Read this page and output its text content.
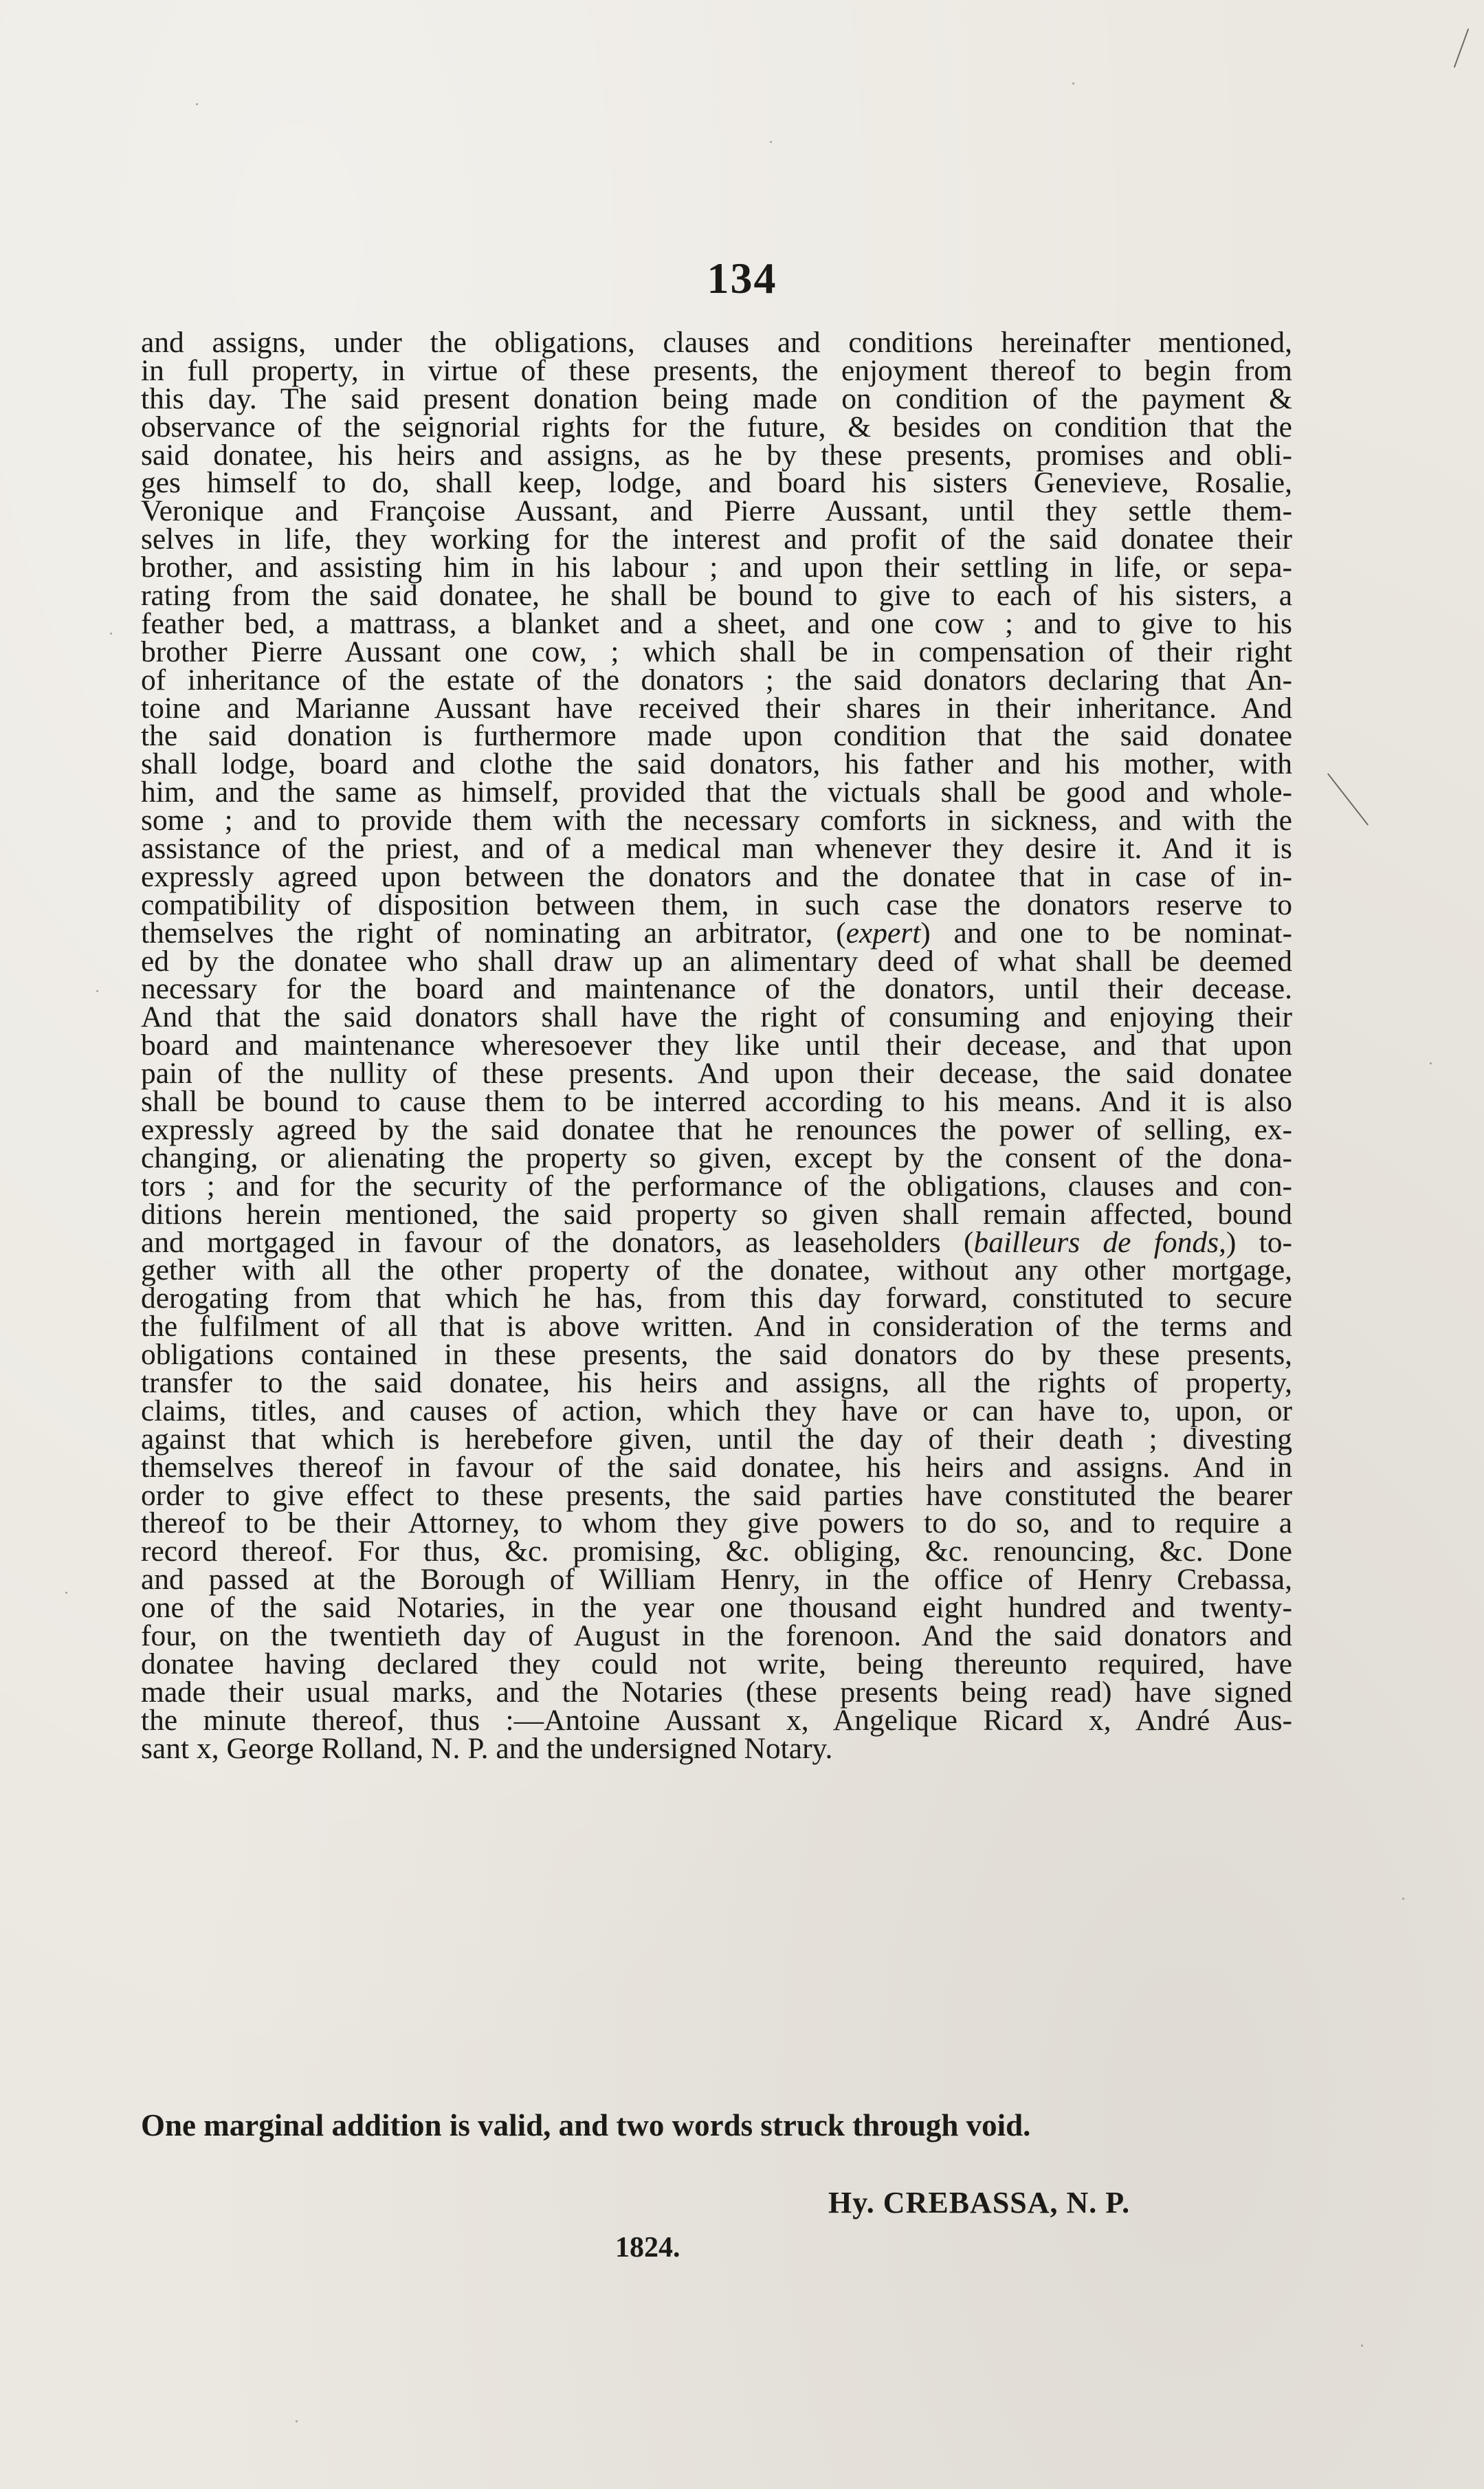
134
and assigns, under the obligations, clauses and conditions hereinafter mentioned,
in full property, in virtue of these presents, the enjoyment thereof to begin from
this day. The said present donation being made on condition of the payment &
observance of the seignorial rights for the future, & besides on condition that the
said donatee, his heirs and assigns, as he by these presents, promises and obli-
ges himself to do, shall keep, lodge, and board his sisters Genevieve, Rosalie,
Veronique and Françoise Aussant, and Pierre Aussant, until they settle them-
selves in life, they working for the interest and profit of the said donatee their
brother, and assisting him in his labour ; and upon their settling in life, or sepa-
rating from the said donatee, he shall be bound to give to each of his sisters, a
feather bed, a mattrass, a blanket and a sheet, and one cow ; and to give to his
brother Pierre Aussant one cow, ; which shall be in compensation of their right
of inheritance of the estate of the donators ; the said donators declaring that An-
toine and Marianne Aussant have received their shares in their inheritance. And
the said donation is furthermore made upon condition that the said donatee
shall lodge, board and clothe the said donators, his father and his mother, with
him, and the same as himself, provided that the victuals shall be good and whole-
some ; and to provide them with the necessary comforts in sickness, and with the
assistance of the priest, and of a medical man whenever they desire it. And it is
expressly agreed upon between the donators and the donatee that in case of in-
compatibility of disposition between them, in such case the donators reserve to
themselves the right of nominating an arbitrator, (expert) and one to be nominat-
ed by the donatee who shall draw up an alimentary deed of what shall be deemed
necessary for the board and maintenance of the donators, until their decease.
And that the said donators shall have the right of consuming and enjoying their
board and maintenance wheresoever they like until their decease, and that upon
pain of the nullity of these presents. And upon their decease, the said donatee
shall be bound to cause them to be interred according to his means. And it is also
expressly agreed by the said donatee that he renounces the power of selling, ex-
changing, or alienating the property so given, except by the consent of the dona-
tors ; and for the security of the performance of the obligations, clauses and con-
ditions herein mentioned, the said property so given shall remain affected, bound
and mortgaged in favour of the donators, as leaseholders (bailleurs de fonds,) to-
gether with all the other property of the donatee, without any other mortgage,
derogating from that which he has, from this day forward, constituted to secure
the fulfilment of all that is above written. And in consideration of the terms and
obligations contained in these presents, the said donators do by these presents,
transfer to the said donatee, his heirs and assigns, all the rights of property,
claims, titles, and causes of action, which they have or can have to, upon, or
against that which is herebefore given, until the day of their death ; divesting
themselves thereof in favour of the said donatee, his heirs and assigns. And in
order to give effect to these presents, the said parties have constituted the bearer
thereof to be their Attorney, to whom they give powers to do so, and to require a
record thereof. For thus, &c. promising, &c. obliging, &c. renouncing, &c. Done
and passed at the Borough of William Henry, in the office of Henry Crebassa,
one of the said Notaries, in the year one thousand eight hundred and twenty-
four, on the twentieth day of August in the forenoon. And the said donators and
donatee having declared they could not write, being thereunto required, have
made their usual marks, and the Notaries (these presents being read) have signed
the minute thereof, thus :—Antoine Aussant x, Angelique Ricard x, André Aus-
sant x, George Rolland, N. P. and the undersigned Notary.
One marginal addition is valid, and two words struck through void.
Hy. CREBASSA, N. P.
1824.
